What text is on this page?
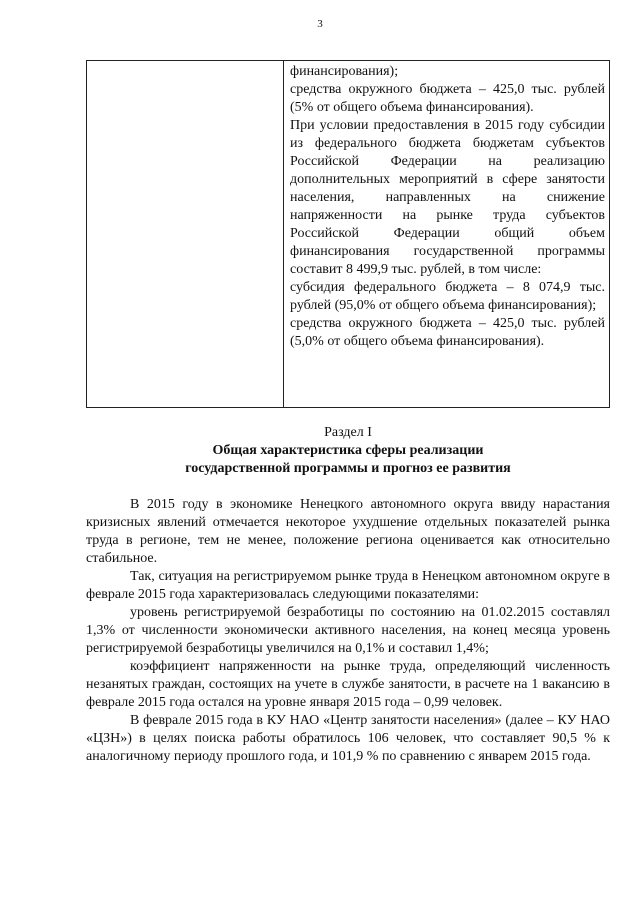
3

финансирования);

средства окружного бюджета – 425,0 тыс. рублей (5% от общего объема финансирования).

При условии предоставления в 2015 году субсидии из федерального бюджета бюджетам субъектов Российской Федерации на реализацию дополнительных мероприятий в сфере занятости населения, направленных на снижение напряженности на рынке труда субъектов Российской Федерации общий объем финансирования государственной программы составит 8 499,9 тыс. рублей, в том числе:

субсидия федерального бюджета – 8 074,9 тыс. рублей (95,0% от общего объема финансирования);

средства окружного бюджета – 425,0 тыс. рублей (5,0% от общего объема финансирования).

Раздел I

Общая характеристика сферы реализации

государственной программы и прогноз ее развития

В 2015 году в экономике Ненецкого автономного округа ввиду нарастания кризисных явлений отмечается некоторое ухудшение отдельных показателей рынка труда в регионе, тем не менее, положение региона оценивается как относительно стабильное.

Так, ситуация на регистрируемом рынке труда в Ненецком автономном округе в феврале 2015 года характеризовалась следующими показателями:

уровень регистрируемой безработицы по состоянию на 01.02.2015 составлял 1,3% от численности экономически активного населения, на конец месяца уровень регистрируемой безработицы увеличился на 0,1% и составил 1,4%;

коэффициент напряженности на рынке труда, определяющий численность незанятых граждан, состоящих на учете в службе занятости, в расчете на 1 вакансию в феврале 2015 года остался на уровне января 2015 года – 0,99 человек.

В феврале 2015 года в КУ НАО «Центр занятости населения» (далее – КУ НАО «ЦЗН») в целях поиска работы обратилось 106 человек, что составляет 90,5 % к аналогичному периоду прошлого года, и 101,9 % по сравнению с январем 2015 года.
